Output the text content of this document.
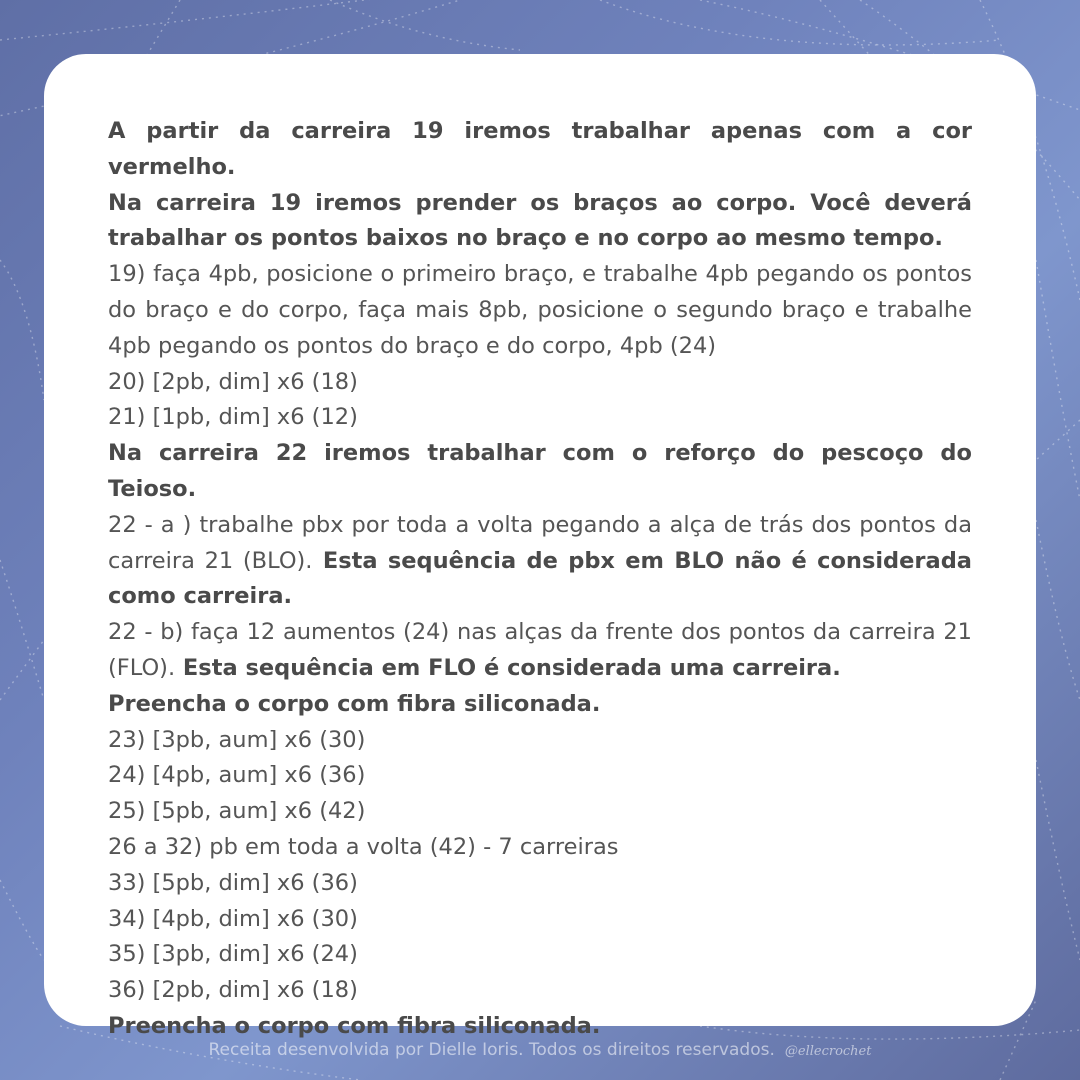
A partir da carreira 19 iremos trabalhar apenas com a cor vermelho.
Na carreira 19 iremos prender os braços ao corpo. Você deverá trabalhar os pontos baixos no braço e no corpo ao mesmo tempo.
19) faça 4pb, posicione o primeiro braço, e trabalhe 4pb pegando os pontos do braço e do corpo, faça mais 8pb, posicione o segundo braço e trabalhe 4pb pegando os pontos do braço e do corpo, 4pb (24)
20) [2pb, dim] x6 (18)
21) [1pb, dim] x6 (12)
Na carreira 22 iremos trabalhar com o reforço do pescoço do Teioso.
22 - a ) trabalhe pbx por toda a volta pegando a alça de trás dos pontos da carreira 21 (BLO). Esta sequência de pbx em BLO não é considerada como carreira.
22 - b) faça 12 aumentos (24) nas alças da frente dos pontos da carreira 21 (FLO). Esta sequência em FLO é considerada uma carreira.
Preencha o corpo com fibra siliconada.
23) [3pb, aum] x6 (30)
24) [4pb, aum] x6 (36)
25) [5pb, aum] x6 (42)
26 a 32) pb em toda a volta (42) - 7 carreiras
33) [5pb, dim] x6 (36)
34) [4pb, dim] x6 (30)
35) [3pb, dim] x6 (24)
36) [2pb, dim] x6 (18)
Preencha o corpo com fibra siliconada.
Receita desenvolvida por Dielle Ioris. Todos os direitos reservados. @ellecrochet
